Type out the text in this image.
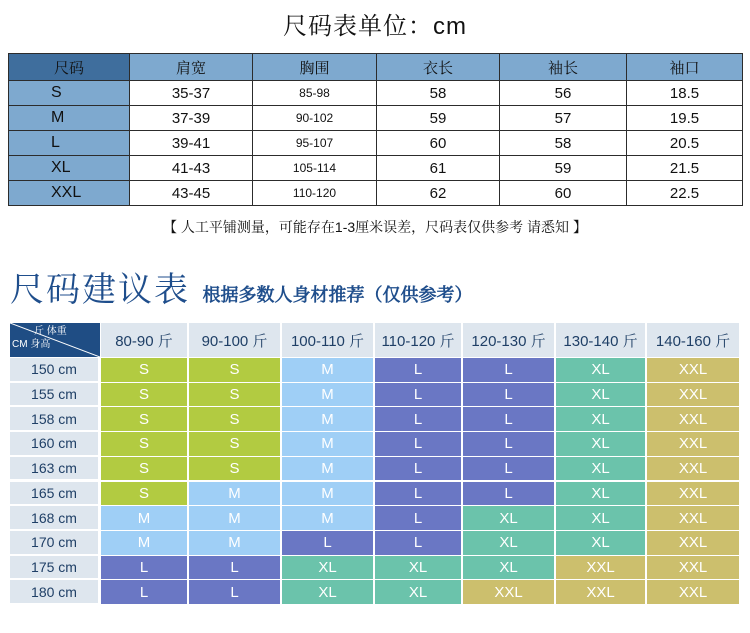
尺码表单位：cm
尺码	肩宽	胸围	衣长	袖长	袖口
S	35-37	85-98	58	56	18.5
M	37-39	90-102	59	57	19.5
L	39-41	95-107	60	58	20.5
XL	41-43	105-114	61	59	21.5
XXL	43-45	110-120	62	60	22.5
【 人工平铺测量，可能存在1-3厘米误差，尺码表仅供参考 请悉知 】
尺码建议表 根据多数人身材推荐（仅供参考）
斤 体重
CM 身高	80-90 斤	90-100 斤	100-110 斤	110-120 斤	120-130 斤	130-140 斤	140-160 斤
150 cm	S	S	M	L	L	XL	XXL
155 cm	S	S	M	L	L	XL	XXL
158 cm	S	S	M	L	L	XL	XXL
160 cm	S	S	M	L	L	XL	XXL
163 cm	S	S	M	L	L	XL	XXL
165 cm	S	M	M	L	L	XL	XXL
168 cm	M	M	M	L	XL	XL	XXL
170 cm	M	M	L	L	XL	XL	XXL
175 cm	L	L	XL	XL	XL	XXL	XXL
180 cm	L	L	XL	XL	XXL	XXL	XXL
